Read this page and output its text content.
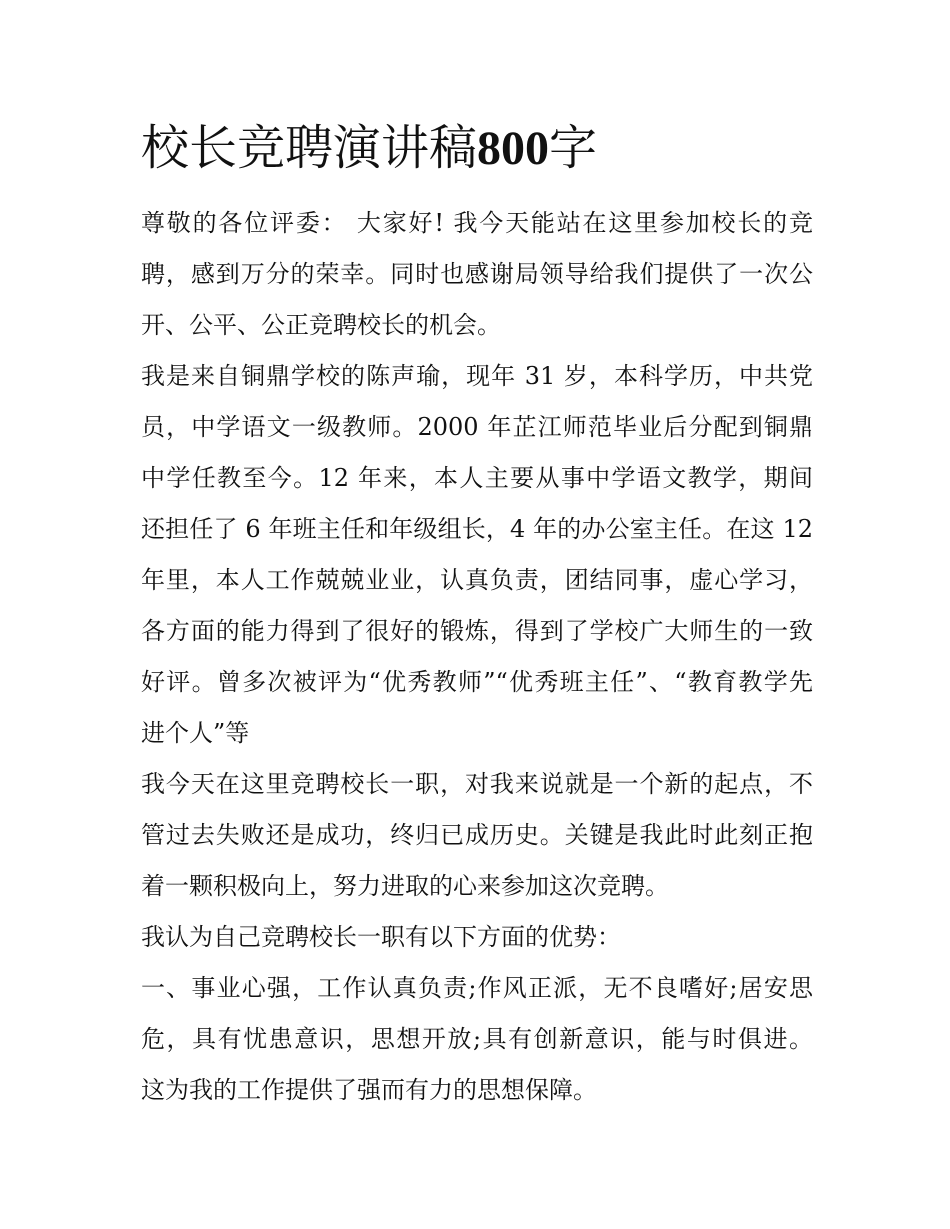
校长竞聘演讲稿800字
尊敬的各位评委： 大家好! 我今天能站在这里参加校长的竞
聘，感到万分的荣幸。同时也感谢局领导给我们提供了一次公
开、公平、公正竞聘校长的机会。
我是来自铜鼎学校的陈声瑜，现年 31 岁，本科学历，中共党
员，中学语文一级教师。2000 年芷江师范毕业后分配到铜鼎
中学任教至今。12 年来，本人主要从事中学语文教学，期间
还担任了 6 年班主任和年级组长，4 年的办公室主任。在这 12
年里，本人工作兢兢业业，认真负责，团结同事，虚心学习，
各方面的能力得到了很好的锻炼，得到了学校广大师生的一致
好评。曾多次被评为“优秀教师”“优秀班主任”、“教育教学先
进个人”等
我今天在这里竞聘校长一职，对我来说就是一个新的起点，不
管过去失败还是成功，终归已成历史。关键是我此时此刻正抱
着一颗积极向上，努力进取的心来参加这次竞聘。
我认为自己竞聘校长一职有以下方面的优势：
一、事业心强，工作认真负责;作风正派，无不良嗜好;居安思
危，具有忧患意识，思想开放;具有创新意识，能与时俱进。
这为我的工作提供了强而有力的思想保障。
